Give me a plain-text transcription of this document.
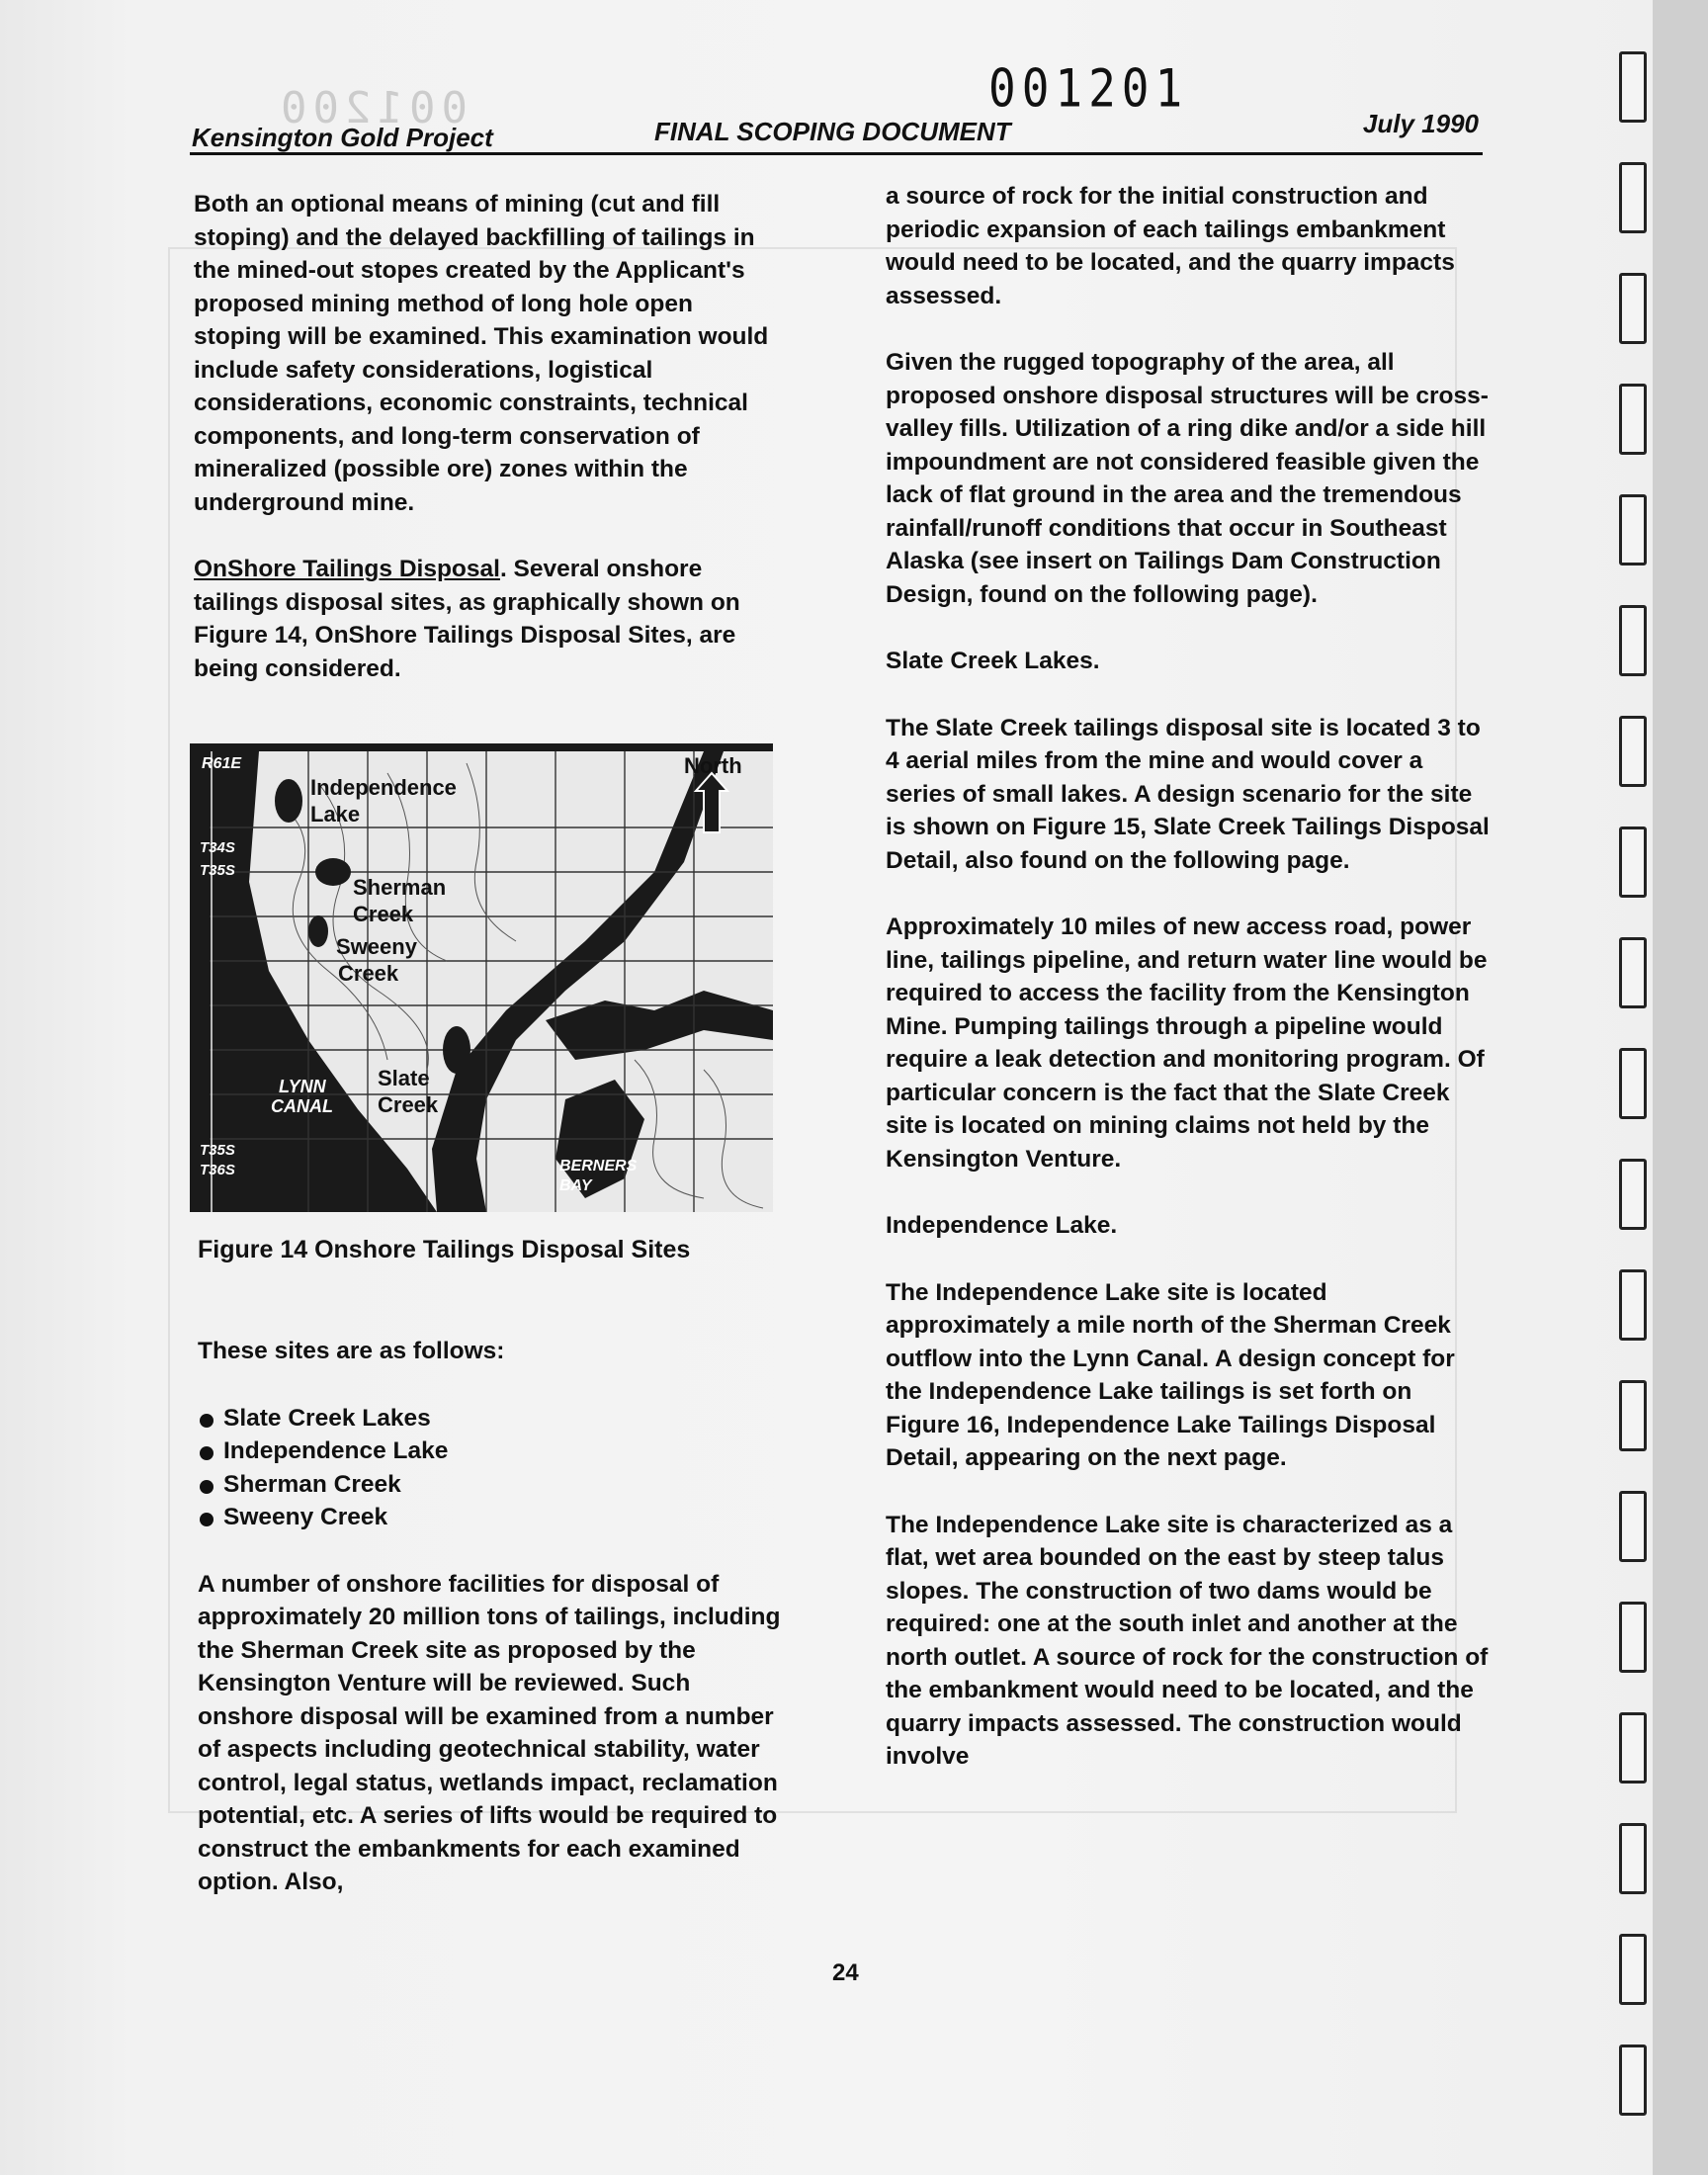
001200	001201
Kensington Gold Project	FINAL SCOPING DOCUMENT	July 1990

Both an optional means of mining (cut and fill stoping) and the delayed backfilling of tailings in the mined-out stopes created by the Applicant's proposed mining method of long hole open stoping will be examined. This examination would include safety considerations, logistical considerations, economic constraints, technical components, and long-term conservation of mineralized (possible ore) zones within the underground mine.

OnShore Tailings Disposal. Several onshore tailings disposal sites, as graphically shown on Figure 14, OnShore Tailings Disposal Sites, are being considered.

R61E
T34S
T35S
T35S
T36S
North
Independence
Lake
Sherman
Creek
Sweeny
Creek
Slate
Creek
LYNN
CANAL
BERNERS
BAY
Figure 14 Onshore Tailings Disposal Sites

These sites are as follows:

Slate Creek Lakes
Independence Lake
Sherman Creek
Sweeny Creek

A number of onshore facilities for disposal of approximately 20 million tons of tailings, including the Sherman Creek site as proposed by the Kensington Venture will be reviewed. Such onshore disposal will be examined from a number of aspects including geotechnical stability, water control, legal status, wetlands impact, reclamation potential, etc. A series of lifts would be required to construct the embankments for each examined option. Also,

a source of rock for the initial construction and periodic expansion of each tailings embankment would need to be located, and the quarry impacts assessed.

Given the rugged topography of the area, all proposed onshore disposal structures will be cross-valley fills. Utilization of a ring dike and/or a side hill impoundment are not considered feasible given the lack of flat ground in the area and the tremendous rainfall/runoff conditions that occur in Southeast Alaska (see insert on Tailings Dam Construction Design, found on the following page).

Slate Creek Lakes.

The Slate Creek tailings disposal site is located 3 to 4 aerial miles from the mine and would cover a series of small lakes. A design scenario for the site is shown on Figure 15, Slate Creek Tailings Disposal Detail, also found on the following page.

Approximately 10 miles of new access road, power line, tailings pipeline, and return water line would be required to access the facility from the Kensington Mine. Pumping tailings through a pipeline would require a leak detection and monitoring program. Of particular concern is the fact that the Slate Creek site is located on mining claims not held by the Kensington Venture.

Independence Lake.

The Independence Lake site is located approximately a mile north of the Sherman Creek outflow into the Lynn Canal. A design concept for the Independence Lake tailings is set forth on Figure 16, Independence Lake Tailings Disposal Detail, appearing on the next page.

The Independence Lake site is characterized as a flat, wet area bounded on the east by steep talus slopes. The construction of two dams would be required: one at the south inlet and another at the north outlet. A source of rock for the construction of the embankment would need to be located, and the quarry impacts assessed. The construction would involve

24
